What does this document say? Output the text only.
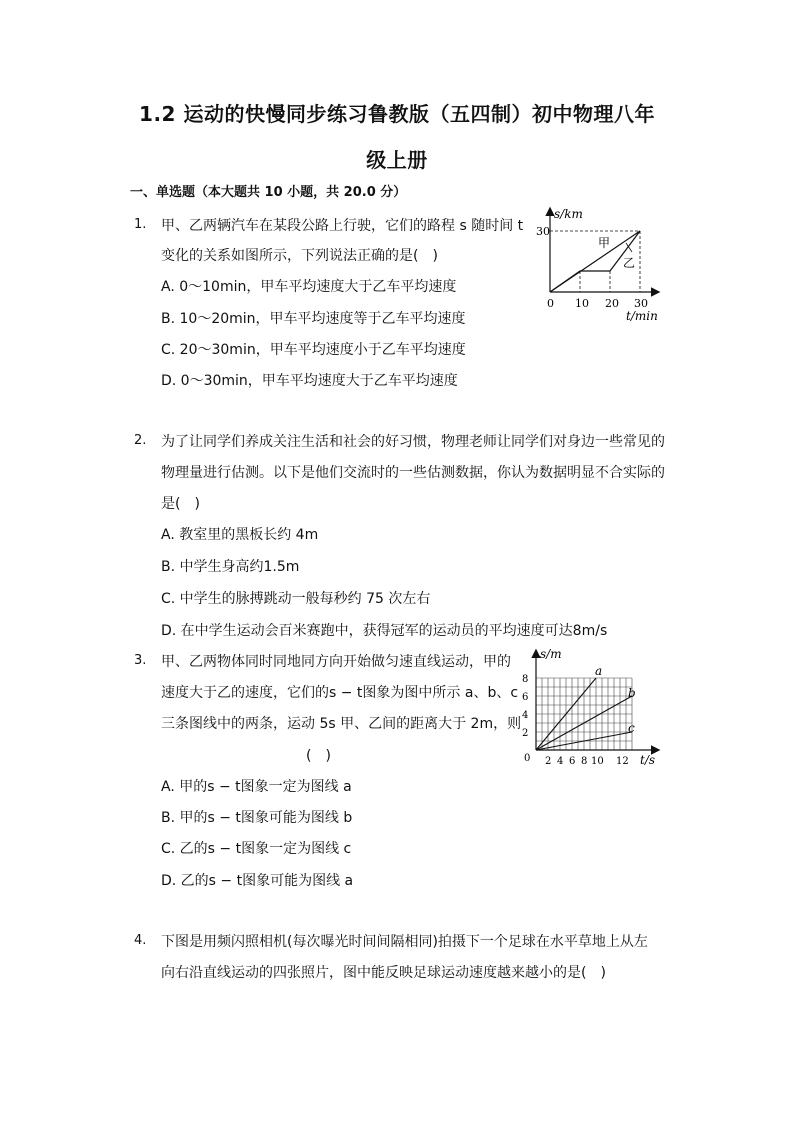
1.2 运动的快慢同步练习鲁教版（五四制）初中物理八年
级上册
一、单选题（本大题共 10 小题，共 20.0 分）
1. 甲、乙两辆汽车在某段公路上行驶，它们的路程 s 随时间 t
变化的关系如图所示，下列说法正确的是(　)
A. 0～10min，甲车平均速度大于乙车平均速度
B. 10～20min，甲车平均速度等于乙车平均速度
C. 20～30min，甲车平均速度小于乙车平均速度
D. 0～30min，甲车平均速度大于乙车平均速度
s/km
30
0 10 20 30
t/min
甲
乙
2. 为了让同学们养成关注生活和社会的好习惯，物理老师让同学们对身边一些常见的
物理量进行估测。以下是他们交流时的一些估测数据，你认为数据明显不合实际的
是(　)
A. 教室里的黑板长约 4m
B. 中学生身高约1.5m
C. 中学生的脉搏跳动一般每秒约 75 次左右
D. 在中学生运动会百米赛跑中，获得冠军的运动员的平均速度可达8m/s
3. 甲、乙两物体同时同地同方向开始做匀速直线运动，甲的
速度大于乙的速度，它们的s − t图象为图中所示 a、b、c
三条图线中的两条，运动 5s 甲、乙间的距离大于 2m，则
(　)
A. 甲的s − t图象一定为图线 a
B. 甲的s − t图象可能为图线 b
C. 乙的s − t图象一定为图线 c
D. 乙的s − t图象可能为图线 a
s/m
8
6
4
2
0 2 4 6 8 10 12 t/s
a
b
c
4. 下图是用频闪照相机(每次曝光时间间隔相同)拍摄下一个足球在水平草地上从左
向右沿直线运动的四张照片，图中能反映足球运动速度越来越小的是(　)
